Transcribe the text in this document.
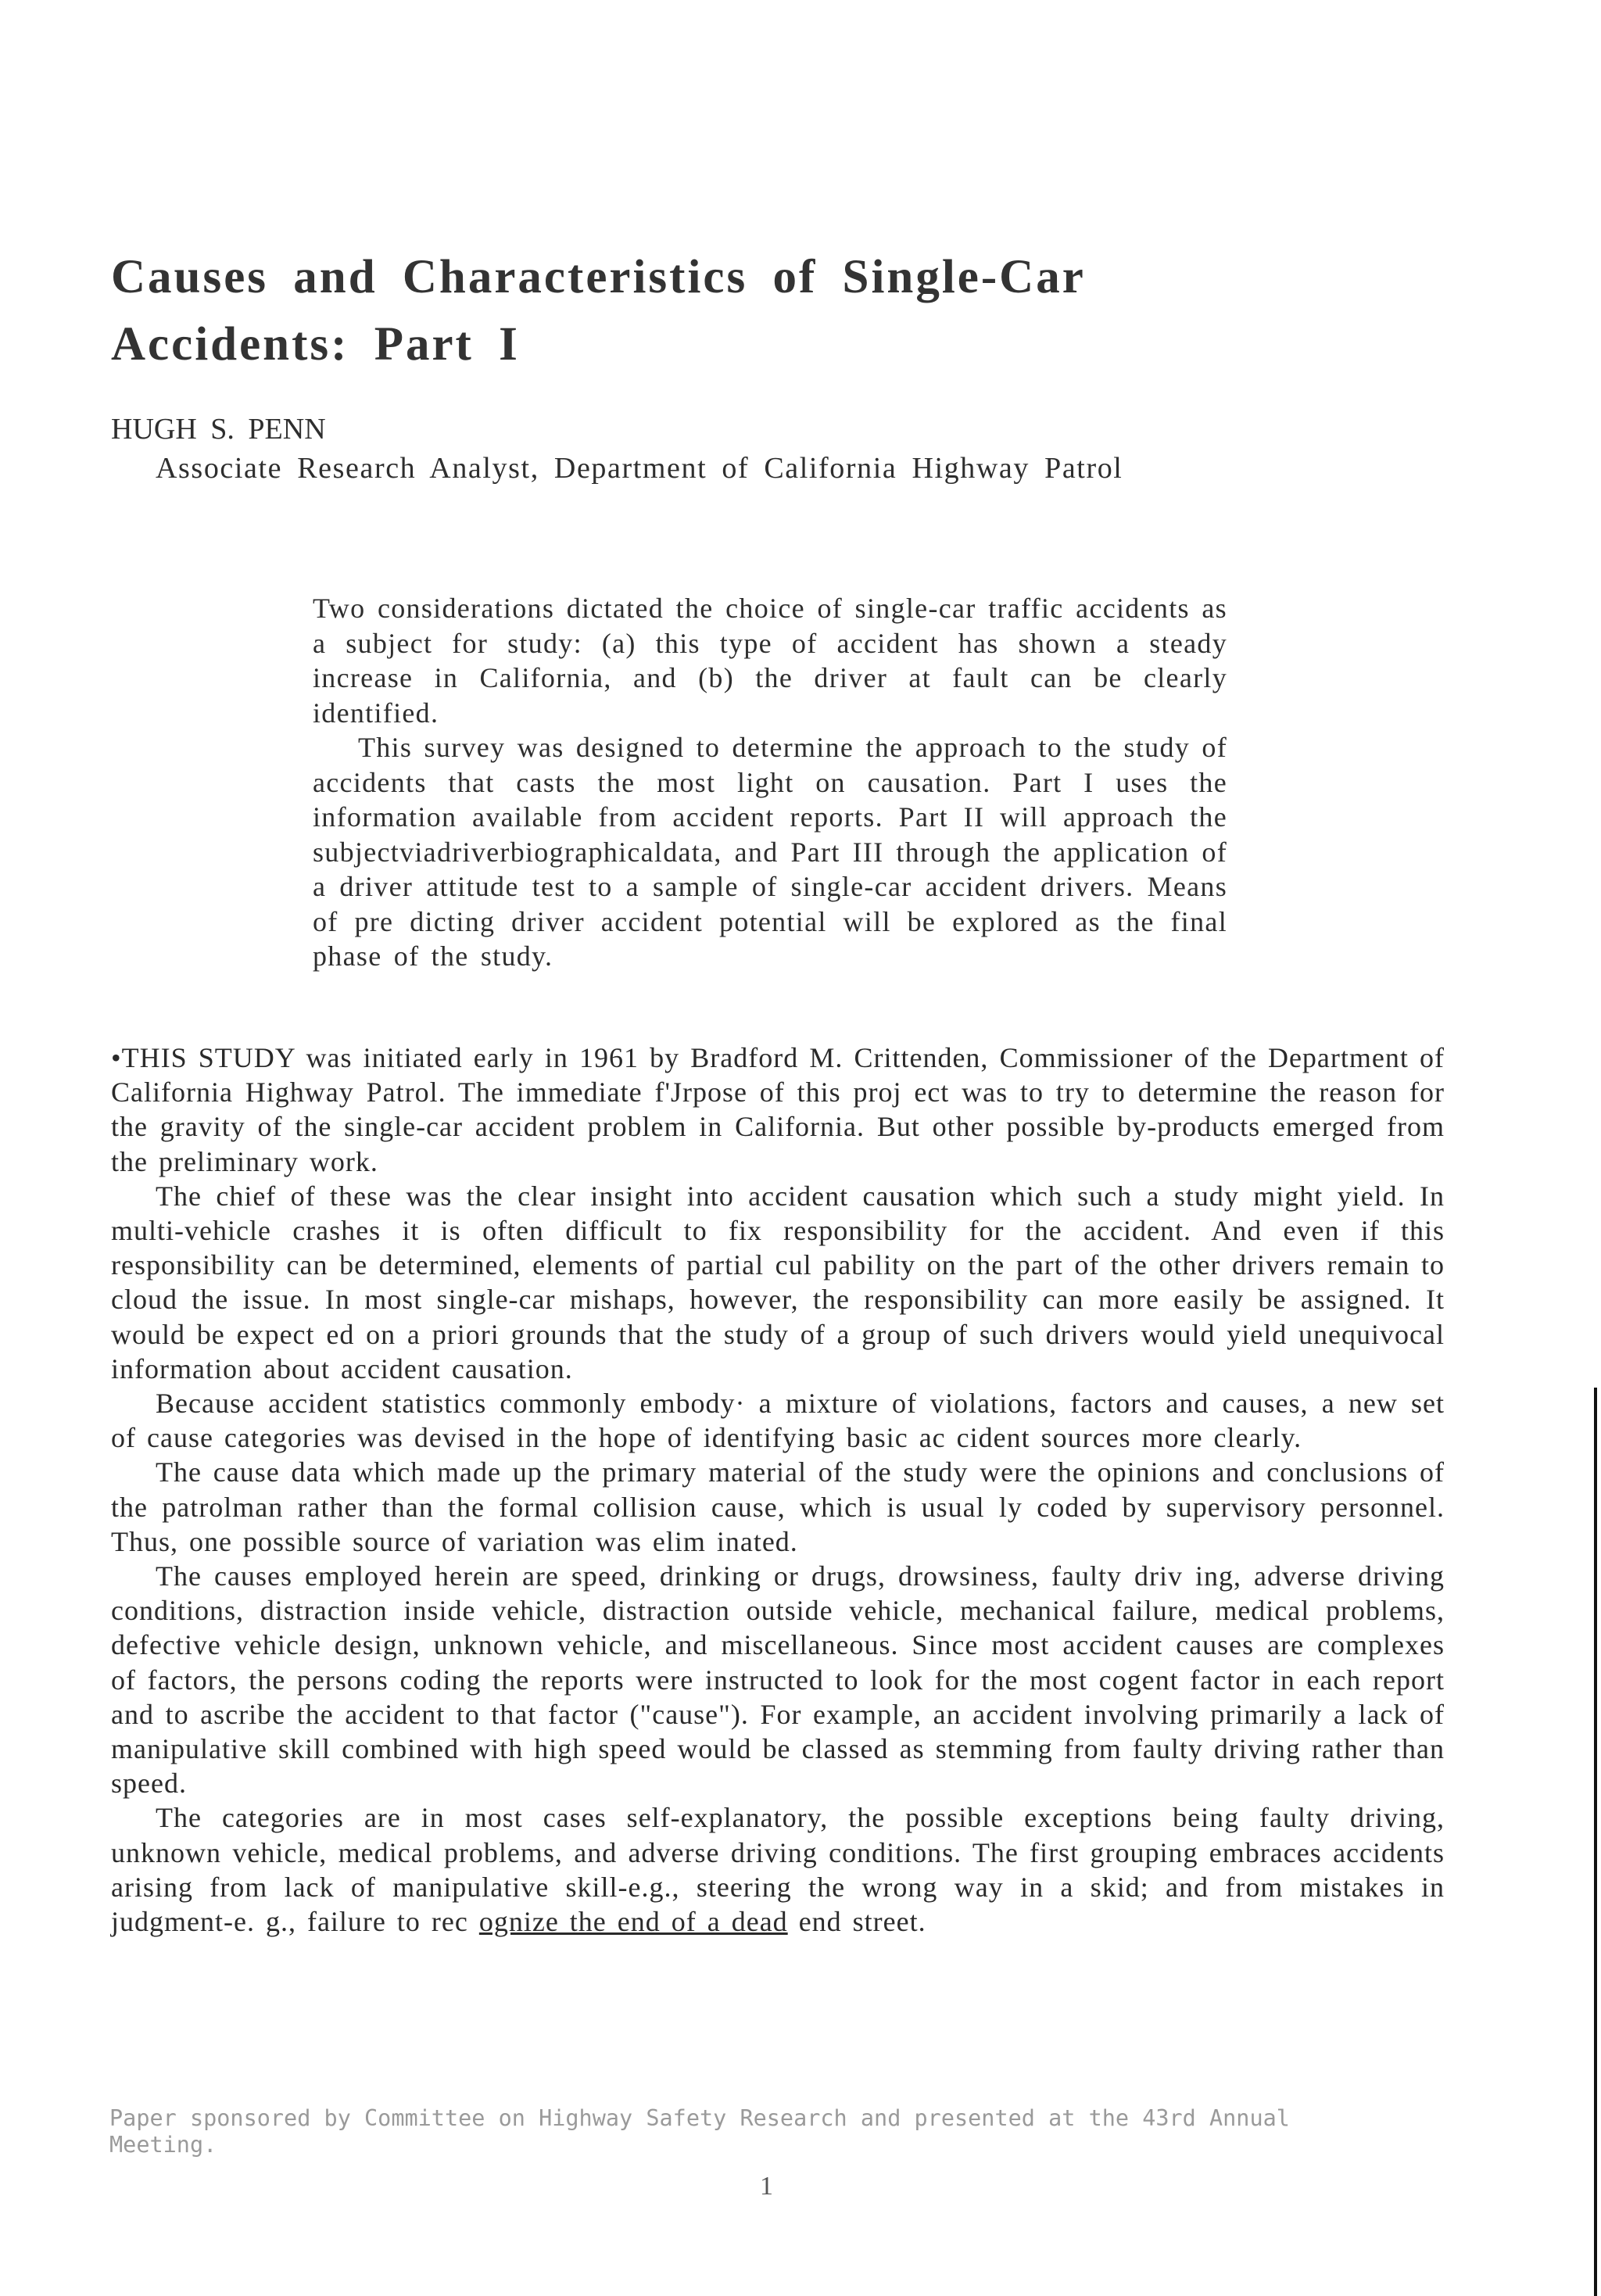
Causes and Characteristics of Single-Car
Accidents: Part I
HUGH S. PENN
Associate Research Analyst, Department of California Highway Patrol

Two considerations dictated the choice of single-car traffic accidents as a subject for study: (a) this type of accident has shown a steady increase in California, and (b) the driver at fault can be clearly identified.

This survey was designed to determine the approach to the study of accidents that casts the most light on causation. Part I uses the information available from accident reports. Part II will approach the subjectviadriverbiographicaldata, and Part III through the application of a driver attitude test to a sample of single-car accident drivers. Means of pre dicting driver accident potential will be explored as the final phase of the study.

•THIS STUDY was initiated early in 1961 by Bradford M. Crittenden, Commissioner of the Department of California Highway Patrol. The immediate f'Jrpose of this proj ect was to try to determine the reason for the gravity of the single-car accident problem in California. But other possible by-products emerged from the preliminary work.

The chief of these was the clear insight into accident causation which such a study might yield. In multi-vehicle crashes it is often difficult to fix responsibility for the accident. And even if this responsibility can be determined, elements of partial cul pability on the part of the other drivers remain to cloud the issue. In most single-car mishaps, however, the responsibility can more easily be assigned. It would be expect ed on a priori grounds that the study of a group of such drivers would yield unequivocal information about accident causation.

Because accident statistics commonly embody· a mixture of violations, factors and causes, a new set of cause categories was devised in the hope of identifying basic ac cident sources more clearly.

The cause data which made up the primary material of the study were the opinions and conclusions of the patrolman rather than the formal collision cause, which is usual ly coded by supervisory personnel. Thus, one possible source of variation was elim inated.

The causes employed herein are speed, drinking or drugs, drowsiness, faulty driv ing, adverse driving conditions, distraction inside vehicle, distraction outside vehicle, mechanical failure, medical problems, defective vehicle design, unknown vehicle, and miscellaneous. Since most accident causes are complexes of factors, the persons coding the reports were instructed to look for the most cogent factor in each report and to ascribe the accident to that factor ("cause"). For example, an accident involving primarily a lack of manipulative skill combined with high speed would be classed as stemming from faulty driving rather than speed.

The categories are in most cases self-explanatory, the possible exceptions being faulty driving, unknown vehicle, medical problems, and adverse driving conditions. The first grouping embraces accidents arising from lack of manipulative skill-e.g., steering the wrong way in a skid; and from mistakes in judgment-e. g., failure to rec ognize the end of a dead end street.

Paper sponsored by Committee on Highway Safety Research and presented at the 43rd Annual Meeting.

1
